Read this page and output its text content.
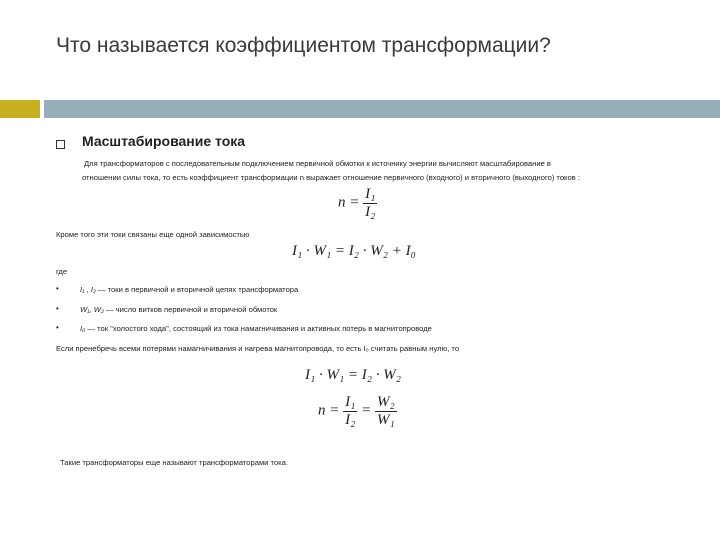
Что называется коэффициентом трансформации?
Масштабирование тока
Для трансформаторов с последовательным подключением первичной обмотки к источнику энергии вычисляют масштабирование в
отношении силы тока, то есть коэффициент трансформации n выражает отношение первичного (входного) и вторичного (выходного) токов :
$n = \frac{\text{I₁}}{\text{I₂}}$
Кроме того эти токи связаны еще одной зависимостью
I₁ · W₁ = I₂ · W₂ + I₀
где
•	I₁ , I₂ — токи в первичной и вторичной цепях трансформатора
•	W₁, W₂ — число витков первичной и вторичной обмоток
•	I₀ — ток "холостого хода", состоящий из тока намагничивания и активных потерь в магнитопроводе
Если пренебречь всеми потерями намагничивания и нагрева магнитопровода, то есть I₀ считать равным нулю, то
I₁ · W₁ = I₂ · W₂
$n = \frac{\text{I₁}}{\text{I₂}} = \frac{\text{W₂}}{\text{W₁}}$
Такие трансформаторы еще называют трансформаторами тока.
